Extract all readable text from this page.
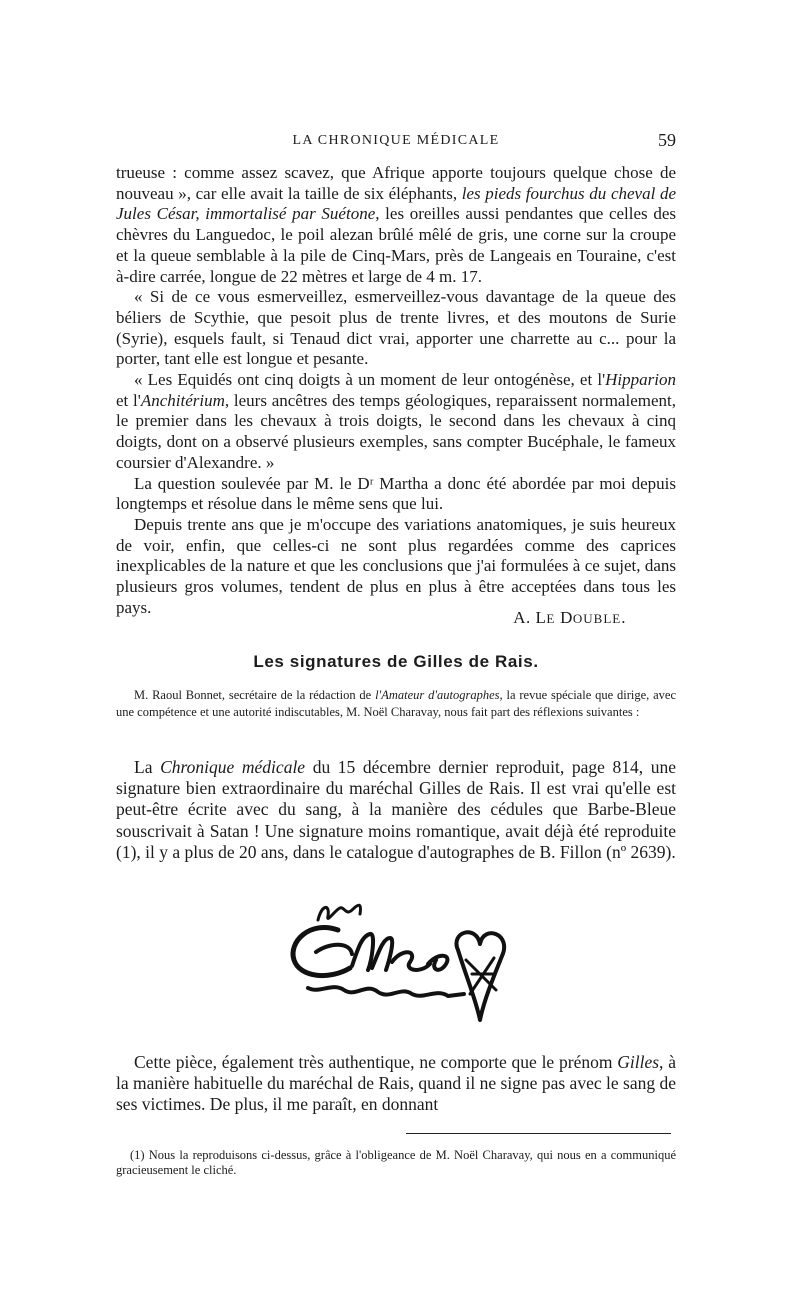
LA CHRONIQUE MÉDICALE	59

trueuse : comme assez scavez, que Afrique apporte toujours quelque chose de nouveau », car elle avait la taille de six éléphants, les pieds fourchus du cheval de Jules César, immortalisé par Suétone, les oreilles aussi pendantes que celles des chèvres du Languedoc, le poil alezan brûlé mêlé de gris, une corne sur la croupe et la queue semblable à la pile de Cinq-Mars, près de Langeais en Touraine, c'est à-dire carrée, longue de 22 mètres et large de 4 m. 17.

« Si de ce vous esmerveillez, esmerveillez-vous davantage de la queue des béliers de Scythie, que pesoit plus de trente livres, et des moutons de Surie (Syrie), esquels fault, si Tenaud dict vrai, apporter une charrette au c... pour la porter, tant elle est longue et pesante.

« Les Equidés ont cinq doigts à un moment de leur ontogénèse, et l'Hipparion et l'Anchitérium, leurs ancêtres des temps géologiques, reparaissent normalement, le premier dans les chevaux à trois doigts, le second dans les chevaux à cinq doigts, dont on a observé plusieurs exemples, sans compter Bucéphale, le fameux coursier d'Alexandre. »

La question soulevée par M. le Dʳ Martha a donc été abordée par moi depuis longtemps et résolue dans le même sens que lui.

Depuis trente ans que je m'occupe des variations anatomiques, je suis heureux de voir, enfin, que celles-ci ne sont plus regardées comme des caprices inexplicables de la nature et que les conclusions que j'ai formulées à ce sujet, dans plusieurs gros volumes, tendent de plus en plus à être acceptées dans tous les pays.

A. LE DOUBLE.
Les signatures de Gilles de Rais.

M. Raoul Bonnet, secrétaire de la rédaction de l'Amateur d'autographes, la revue spéciale que dirige, avec une compétence et une autorité indiscutables, M. Noël Charavay, nous fait part des réflexions suivantes :

La Chronique médicale du 15 décembre dernier reproduit, page 814, une signature bien extraordinaire du maréchal Gilles de Rais. Il est vrai qu'elle est peut-être écrite avec du sang, à la manière des cédules que Barbe-Bleue souscrivait à Satan ! Une signature moins romantique, avait déjà été reproduite (1), il y a plus de 20 ans, dans le catalogue d'autographes de B. Fillon (nº 2639).

Cette pièce, également très authentique, ne comporte que le prénom Gilles, à la manière habituelle du maréchal de Rais, quand il ne signe pas avec le sang de ses victimes. De plus, il me paraît, en donnant

(1) Nous la reproduisons ci-dessus, grâce à l'obligeance de M. Noël Charavay, qui nous en a communiqué gracieusement le cliché.
